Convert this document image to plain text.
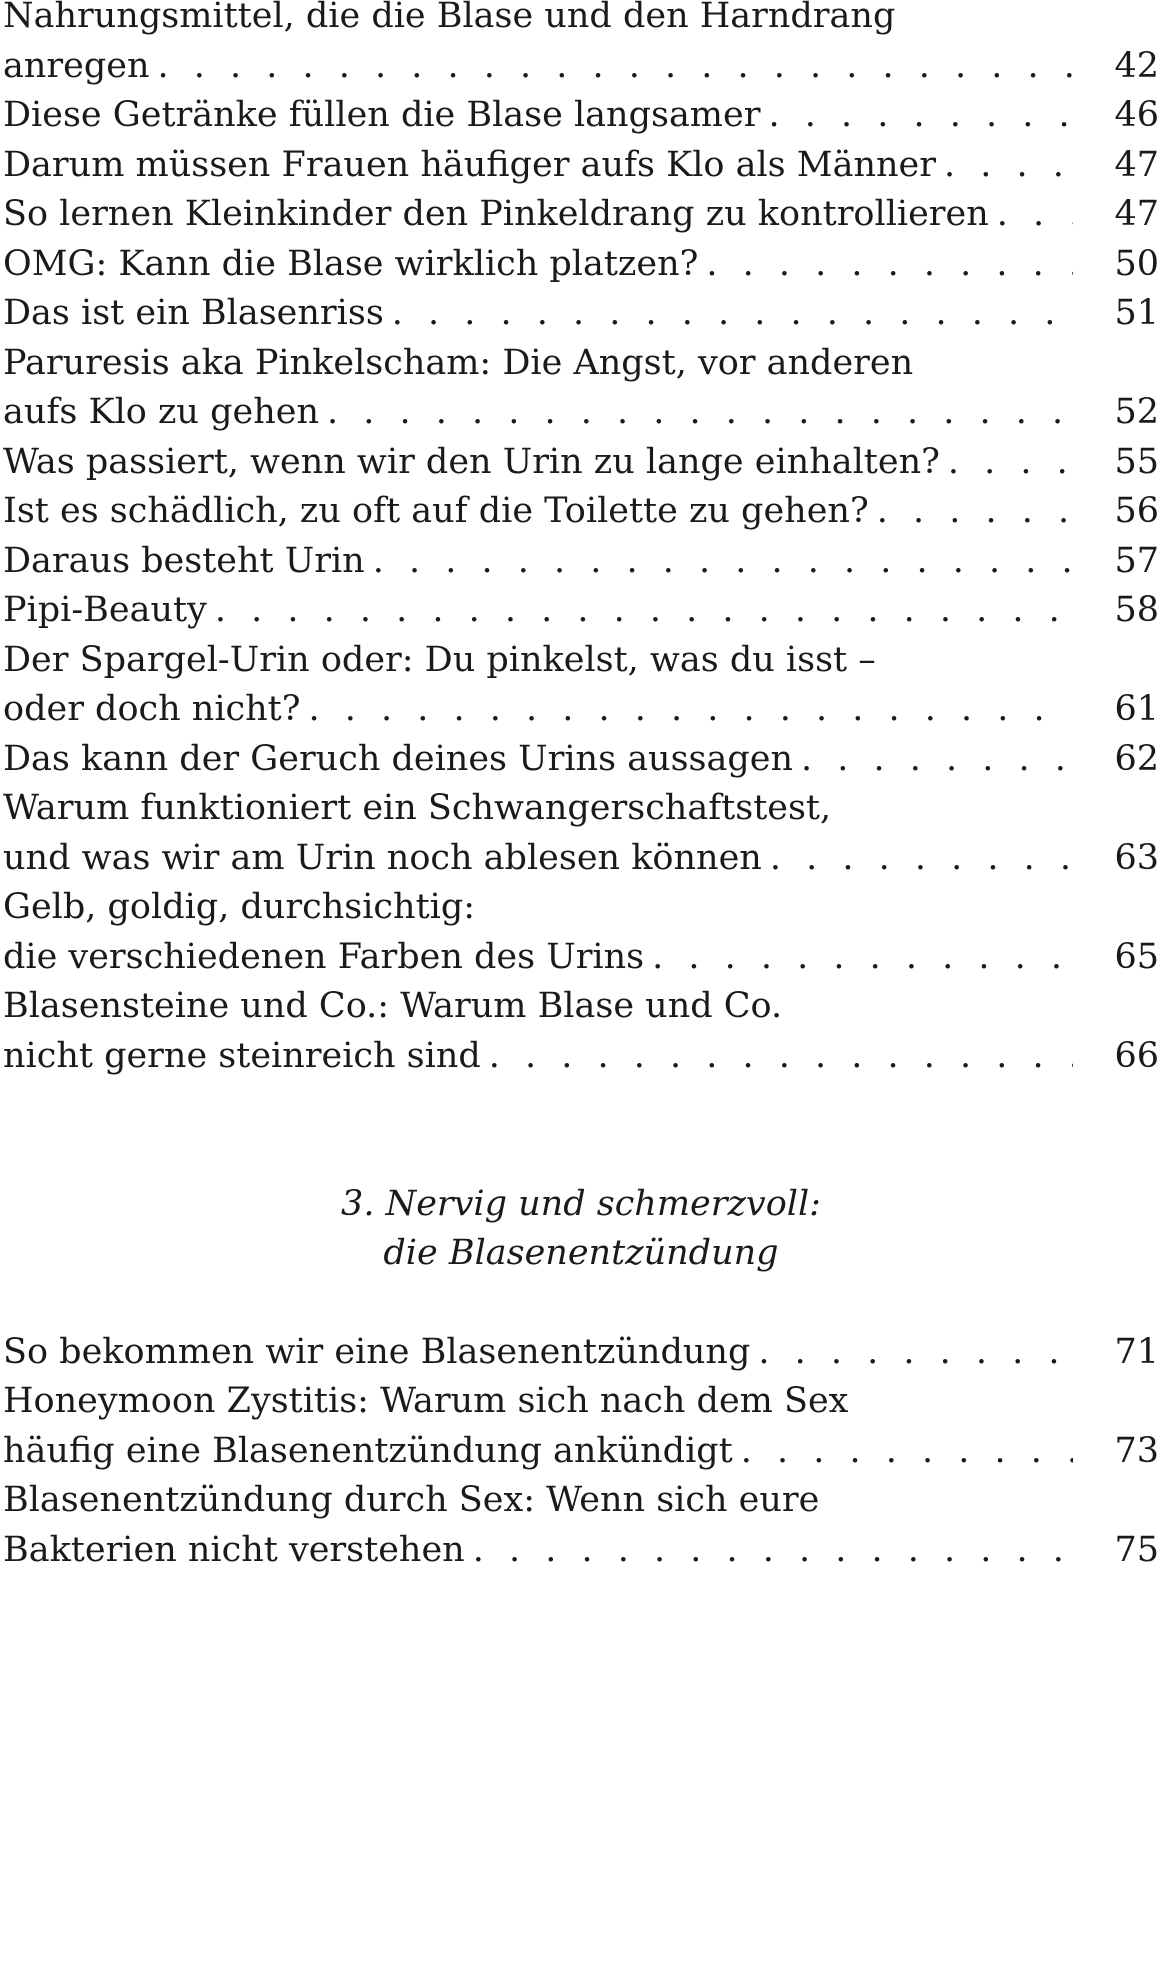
Nahrungsmittel, die die Blase und den Harndrang
anregen . . .	42
Diese Getränke füllen die Blase langsamer . . .	46
Darum müssen Frauen häufiger aufs Klo als Männer . . .	47
So lernen Kleinkinder den Pinkeldrang zu kontrollieren . . .	47
OMG: Kann die Blase wirklich platzen? . . .	50
Das ist ein Blasenriss . . .	51
Paruresis aka Pinkelscham: Die Angst, vor anderen
aufs Klo zu gehen . . .	52
Was passiert, wenn wir den Urin zu lange einhalten? . . .	55
Ist es schädlich, zu oft auf die Toilette zu gehen? . . .	56
Daraus besteht Urin . . .	57
Pipi-Beauty . . .	58
Der Spargel-Urin oder: Du pinkelst, was du isst –
oder doch nicht? . . .	61
Das kann der Geruch deines Urins aussagen . . .	62
Warum funktioniert ein Schwangerschaftstest,
und was wir am Urin noch ablesen können . . .	63
Gelb, goldig, durchsichtig:
die verschiedenen Farben des Urins . . .	65
Blasensteine und Co.: Warum Blase und Co.
nicht gerne steinreich sind . . .	66
3. Nervig und schmerzvoll:
die Blasenentzündung
So bekommen wir eine Blasenentzündung . . .	71
Honeymoon Zystitis: Warum sich nach dem Sex
häufig eine Blasenentzündung ankündigt . . .	73
Blasenentzündung durch Sex: Wenn sich eure
Bakterien nicht verstehen . . .	75
